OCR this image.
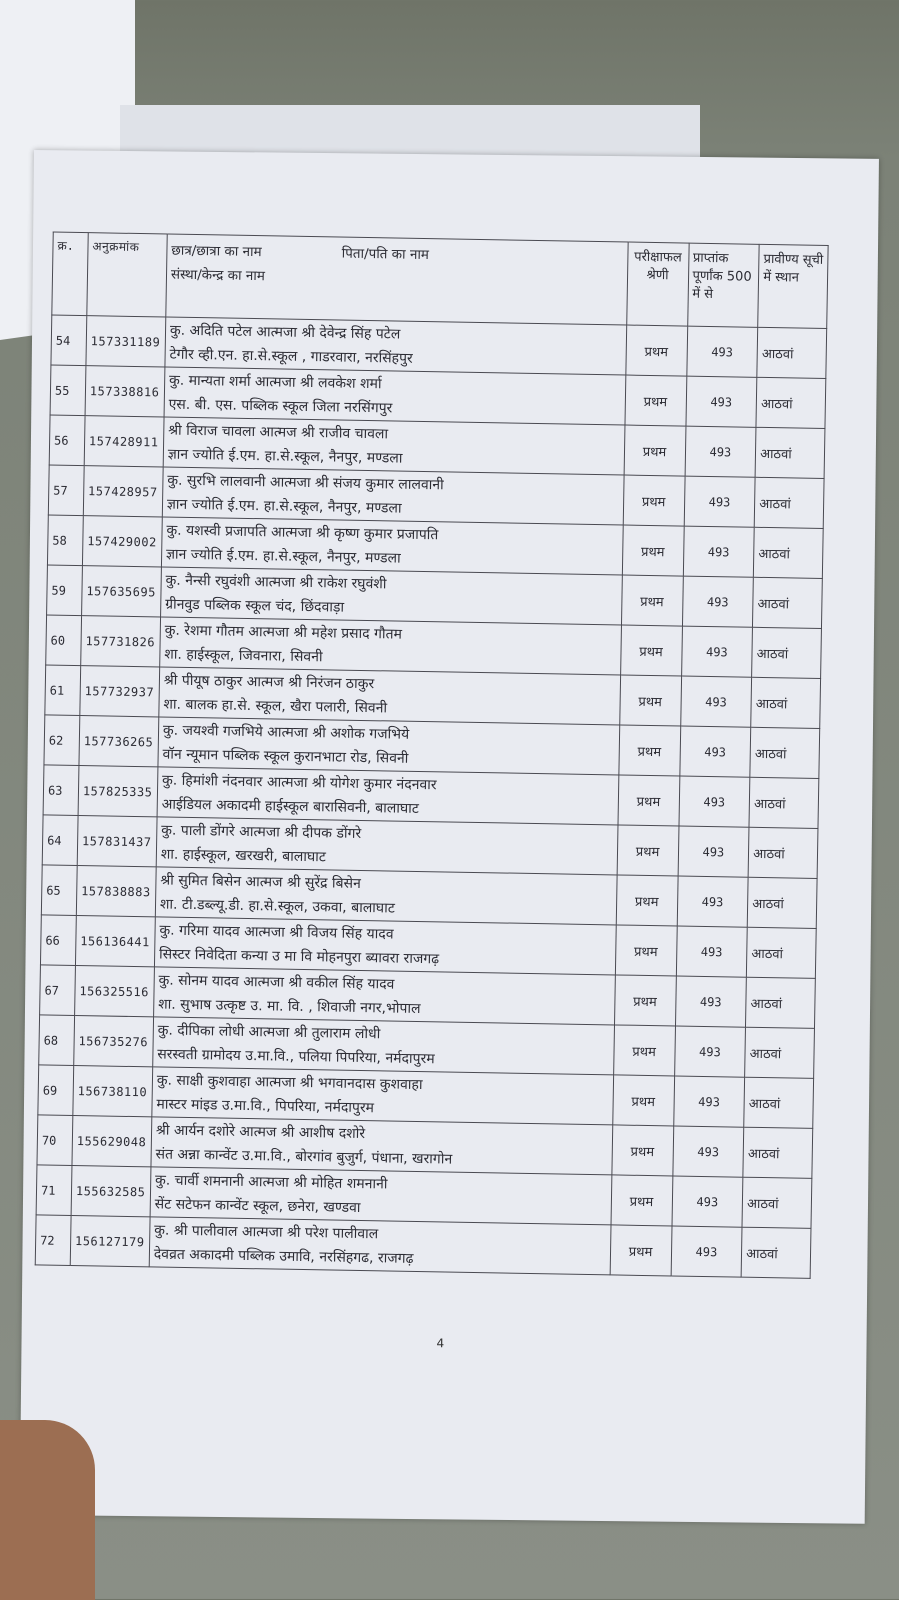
क्र.	अनुक्रमांक	छात्र/छात्रा का नाम पिता/पति का नाम
संस्था/केन्द्र का नाम	परीक्षाफल श्रेणी	प्राप्तांक पूर्णांक 500 में से	प्रावीण्य सूची में स्थान
54	157331189	कु. अदिति पटेल आत्मजा श्री देवेन्द्र सिंह पटेल
टेगौर व्ही.एन. हा.से.स्कूल , गाडरवारा, नरसिंहपुर	प्रथम	493	आठवां
55	157338816	कु. मान्यता शर्मा आत्मजा श्री लवकेश शर्मा
एस. बी. एस. पब्लिक स्कूल जिला नरसिंगपुर	प्रथम	493	आठवां
56	157428911	श्री विराज चावला आत्मज श्री राजीव चावला
ज्ञान ज्योति ई.एम. हा.से.स्कूल, नैनपुर, मण्डला	प्रथम	493	आठवां
57	157428957	कु. सुरभि लालवानी आत्मजा श्री संजय कुमार लालवानी
ज्ञान ज्योति ई.एम. हा.से.स्कूल, नैनपुर, मण्डला	प्रथम	493	आठवां
58	157429002	कु. यशस्वी प्रजापति आत्मजा श्री कृष्ण कुमार प्रजापति
ज्ञान ज्योति ई.एम. हा.से.स्कूल, नैनपुर, मण्डला	प्रथम	493	आठवां
59	157635695	कु. नैन्सी रघुवंशी आत्मजा श्री राकेश रघुवंशी
ग्रीनवुड पब्लिक स्कूल चंद, छिंदवाड़ा	प्रथम	493	आठवां
60	157731826	कु. रेशमा गौतम आत्मजा श्री महेश प्रसाद गौतम
शा. हाईस्कूल, जिवनारा, सिवनी	प्रथम	493	आठवां
61	157732937	श्री पीयूष ठाकुर आत्मज श्री निरंजन ठाकुर
शा. बालक हा.से. स्कूल, खैरा पलारी, सिवनी	प्रथम	493	आठवां
62	157736265	कु. जयश्वी गजभिये आत्मजा श्री अशोक गजभिये
वॉन न्यूमान पब्लिक स्कूल कुरानभाटा रोड, सिवनी	प्रथम	493	आठवां
63	157825335	कु. हिमांशी नंदनवार आत्मजा श्री योगेश कुमार नंदनवार
आईडियल अकादमी हाईस्कूल बारासिवनी, बालाघाट	प्रथम	493	आठवां
64	157831437	कु. पाली डोंगरे आत्मजा श्री दीपक डोंगरे
शा. हाईस्कूल, खरखरी, बालाघाट	प्रथम	493	आठवां
65	157838883	श्री सुमित बिसेन आत्मज श्री सुरेंद्र बिसेन
शा. टी.डब्ल्यू.डी. हा.से.स्कूल, उकवा, बालाघाट	प्रथम	493	आठवां
66	156136441	कु. गरिमा यादव आत्मजा श्री विजय सिंह यादव
सिस्टर निवेदिता कन्या उ मा वि मोहनपुरा ब्यावरा राजगढ़	प्रथम	493	आठवां
67	156325516	कु. सोनम यादव आत्मजा श्री वकील सिंह यादव
शा. सुभाष उत्कृष्ट उ. मा. वि. , शिवाजी नगर,भोपाल	प्रथम	493	आठवां
68	156735276	कु. दीपिका लोधी आत्मजा श्री तुलाराम लोधी
सरस्वती ग्रामोदय उ.मा.वि., पलिया पिपरिया, नर्मदापुरम	प्रथम	493	आठवां
69	156738110	कु. साक्षी कुशवाहा आत्मजा श्री भगवानदास कुशवाहा
मास्टर मांइड उ.मा.वि., पिपरिया, नर्मदापुरम	प्रथम	493	आठवां
70	155629048	श्री आर्यन दशोरे आत्मज श्री आशीष दशोरे
संत अन्ना कान्वेंट उ.मा.वि., बोरगांव बुजुर्ग, पंधाना, खरागोन	प्रथम	493	आठवां
71	155632585	कु. चार्वी शमनानी आत्मजा श्री मोहित शमनानी
सेंट सटेफन कान्वेंट स्कूल, छनेरा, खण्डवा	प्रथम	493	आठवां
72	156127179	कु. श्री पालीवाल आत्मजा श्री परेश पालीवाल
देवव्रत अकादमी पब्लिक उमावि, नरसिंहगढ, राजगढ़	प्रथम	493	आठवां
4
